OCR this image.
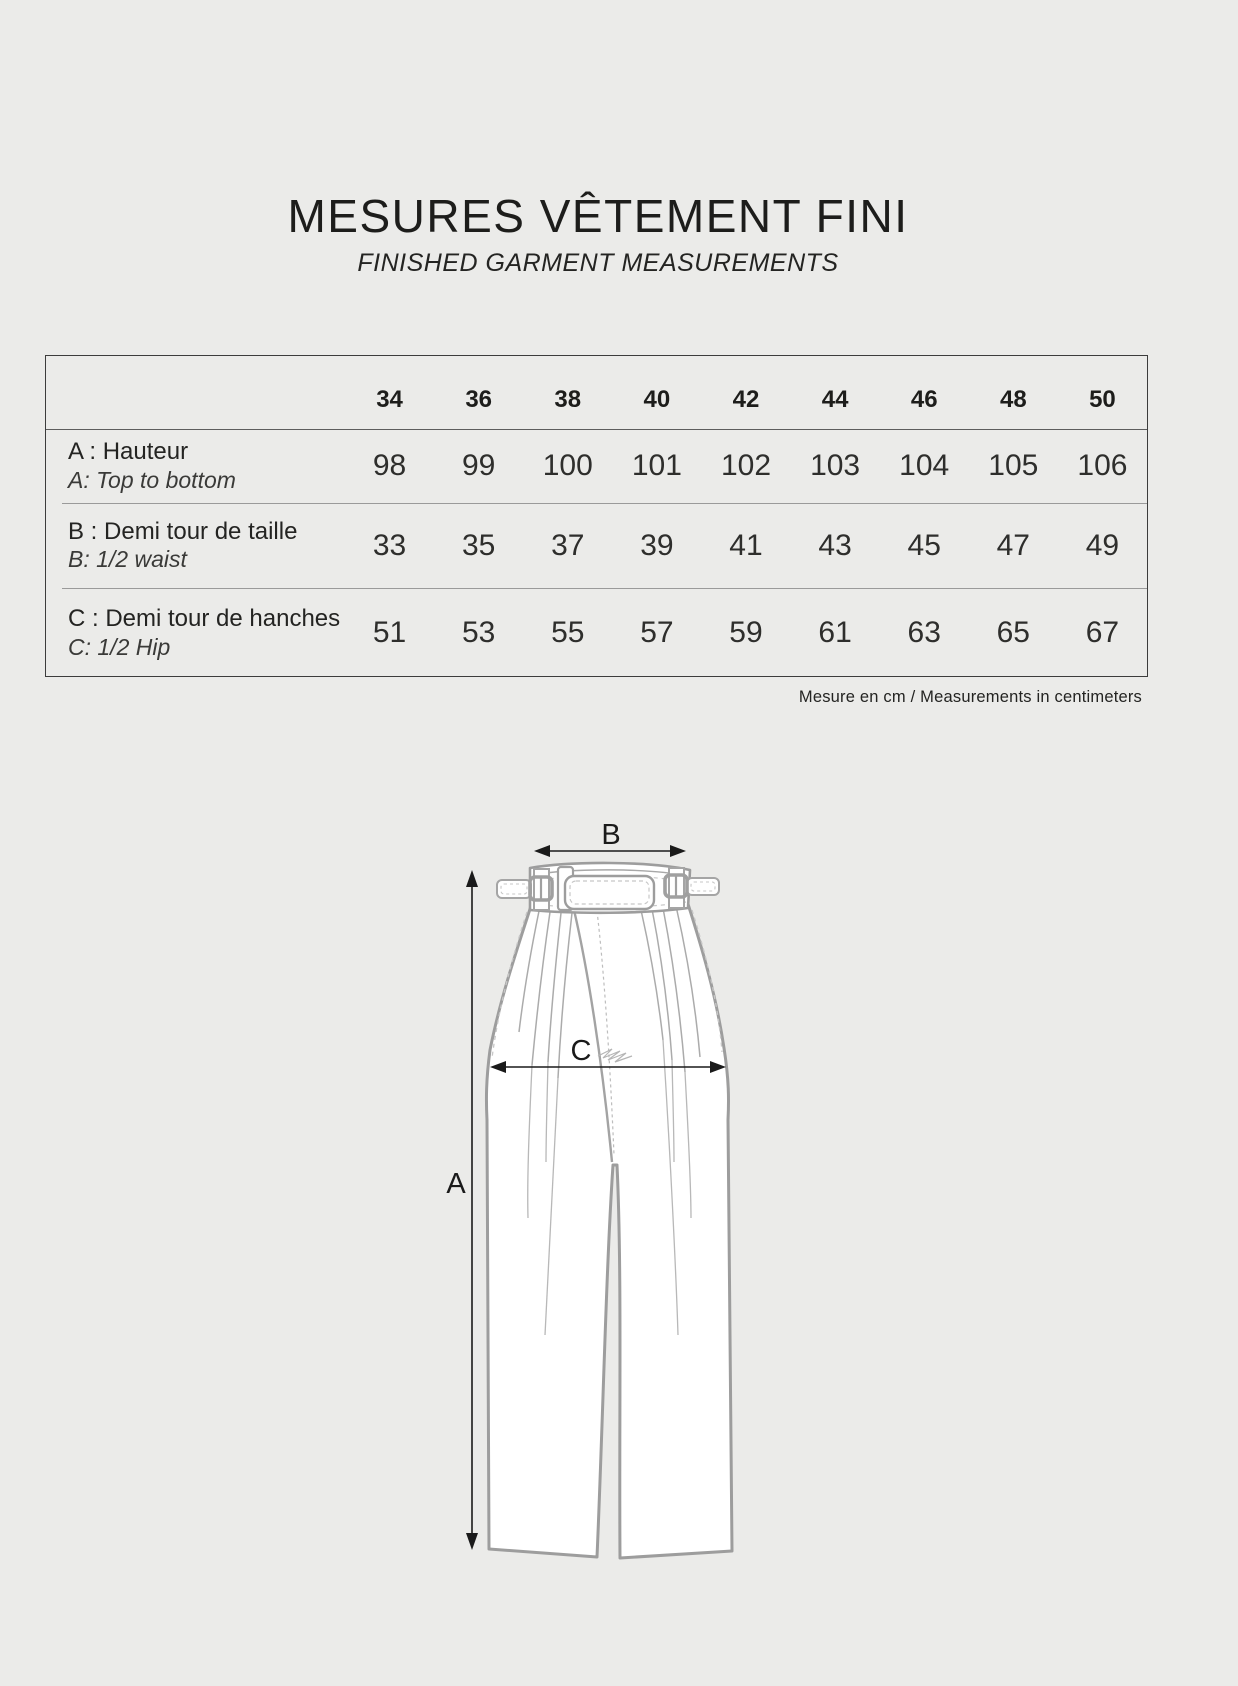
MESURES VÊTEMENT FINI
FINISHED GARMENT MEASUREMENTS
34	36	38	40	42	44	46	48	50
A : Hauteur
A: Top to bottom	98	99	100	101	102	103	104	105	106
B : Demi tour de taille
B: 1/2 waist	33	35	37	39	41	43	45	47	49
C : Demi tour de hanches
C: 1/2 Hip	51	53	55	57	59	61	63	65	67
Mesure en cm / Measurements in centimeters
B
C
A
